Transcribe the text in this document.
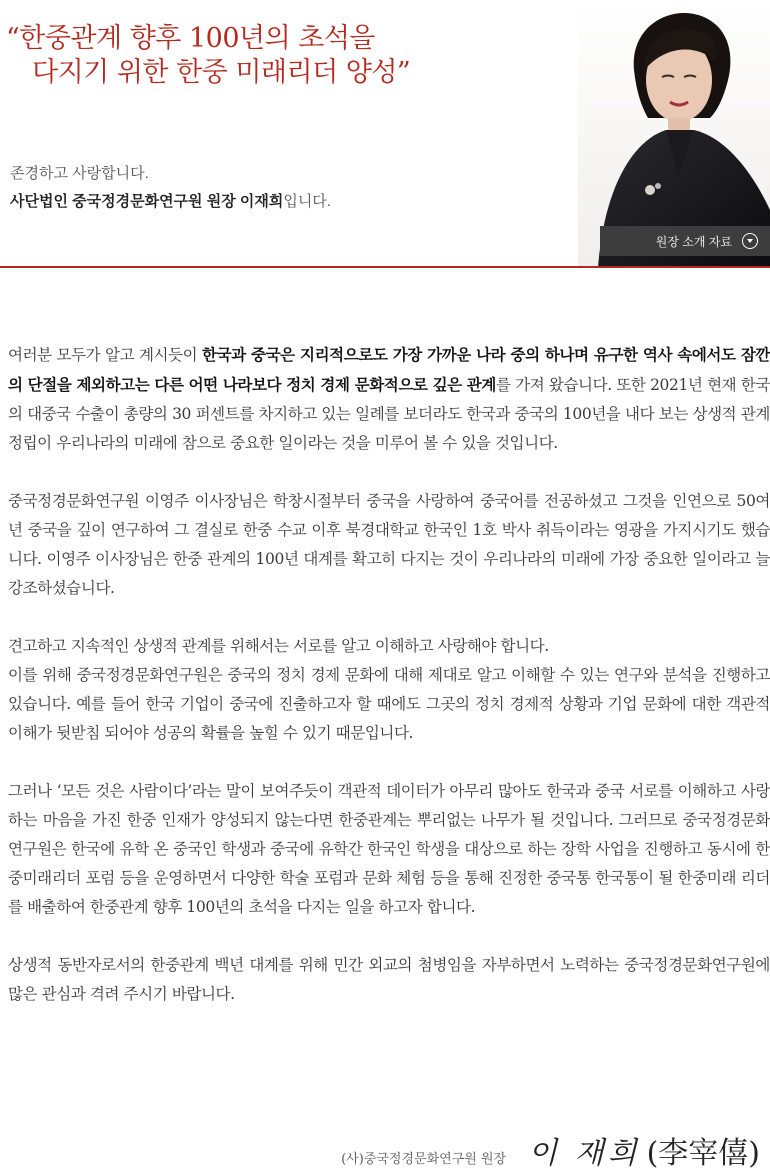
“한중관계 향후 100년의 초석을
다지기 위한 한중 미래리더 양성”
존경하고 사랑합니다.
사단법인 중국정경문화연구원 원장 이재희입니다.
원장 소개 자료

여러분 모두가 알고 계시듯이 한국과 중국은 지리적으로도 가장 가까운 나라 중의 하나며 유구한 역사 속에서도 잠깐의 단절을 제외하고는 다른 어떤 나라보다 정치 경제 문화적으로 깊은 관계를 가져 왔습니다. 또한 2021년 현재 한국의 대중국 수출이 총량의 30 퍼센트를 차지하고 있는 일례를 보더라도 한국과 중국의 100년을 내다 보는 상생적 관계 정립이 우리나라의 미래에 참으로 중요한 일이라는 것을 미루어 볼 수 있을 것입니다.

중국정경문화연구원 이영주 이사장님은 학창시절부터 중국을 사랑하여 중국어를 전공하셨고 그것을 인연으로 50여년 중국을 깊이 연구하여 그 결실로 한중 수교 이후 북경대학교 한국인 1호 박사 취득이라는 영광을 가지시기도 했습니다. 이영주 이사장님은 한중 관계의 100년 대계를 확고히 다지는 것이 우리나라의 미래에 가장 중요한 일이라고 늘 강조하셨습니다.

견고하고 지속적인 상생적 관계를 위해서는 서로를 알고 이해하고 사랑해야 합니다.
이를 위해 중국정경문화연구원은 중국의 정치 경제 문화에 대해 제대로 알고 이해할 수 있는 연구와 분석을 진행하고 있습니다. 예를 들어 한국 기업이 중국에 진출하고자 할 때에도 그곳의 정치 경제적 상황과 기업 문화에 대한 객관적 이해가 뒷받침 되어야 성공의 확률을 높힐 수 있기 때문입니다.

그러나 ‘모든 것은 사람이다’라는 말이 보여주듯이 객관적 데이터가 아무리 많아도 한국과 중국 서로를 이해하고 사랑하는 마음을 가진 한중 인재가 양성되지 않는다면 한중관계는 뿌리없는 나무가 될 것입니다. 그러므로 중국정경문화연구원은 한국에 유학 온 중국인 학생과 중국에 유학간 한국인 학생을 대상으로 하는 장학 사업을 진행하고 동시에 한중미래리더 포럼 등을 운영하면서 다양한 학술 포럼과 문화 체험 등을 통해 진정한 중국통 한국통이 될 한중미래 리더를 배출하여 한중관계 향후 100년의 초석을 다지는 일을 하고자 합니다.

상생적 동반자로서의 한중관계 백년 대계를 위해 민간 외교의 첨병임을 자부하면서 노력하는 중국정경문화연구원에 많은 관심과 격려 주시기 바랍니다.

(사)중국정경문화연구원 원장 이 재희 (李宰僖)
